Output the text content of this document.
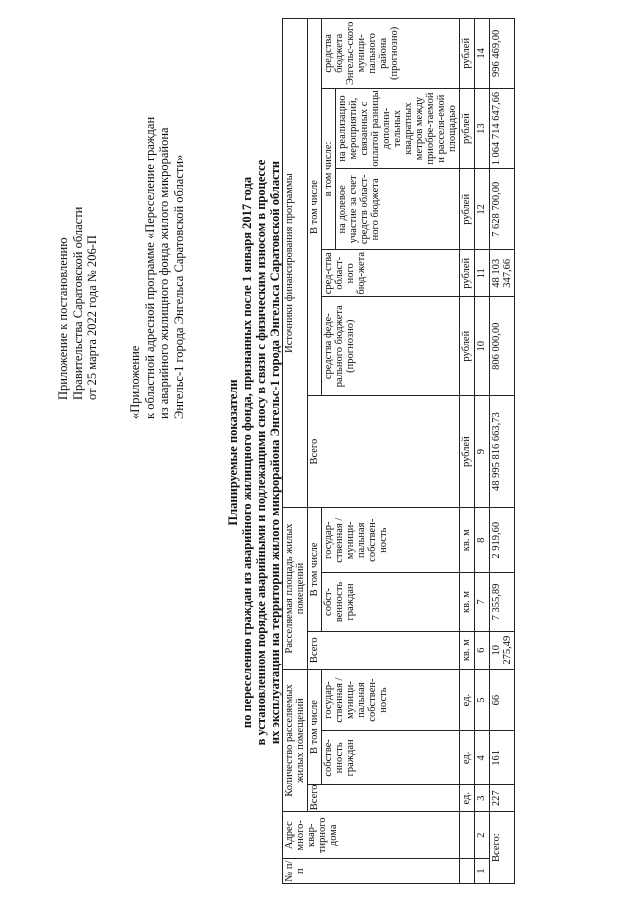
Приложение к постановлению Правительства Саратовской области от 25 марта 2022 года № 206-П «Приложение к областной адресной программе «Переселение граждан из аварийного жилищного фонда жилого микрорайона Энгельс-1 города Энгельса Саратовской области»
Планируемые показатели по переселению граждан из аварийного жилищного фонда, признанных после 1 января 2017 года в установленном порядке аварийными и подлежащими сносу в связи с физическим износом в процессе их эксплуатации на территории жилого микрорайона Энгельс-1 города Энгельса Саратовской области
№ п/п	Адрес много-квар-тирного дома	Количество расселяемых жилых помещений			Расселяемая площадь жилых помещений			Источники финансирования программы					
		Всего	В том числе		Всего	В том числе		Всего	В том числе				
			собстве-нность граждан	государ-ственная / муници-пальная собствен-ность		собст-венность граждан	государ-ственная / муници-пальная собствен-ность		средства феде-рального бюджета (прогнозно)	сред-ства област-ного бюд-жета	в том числе:		средства бюджета Энгельс-ского муници-пального района (прогнозно)
											на долевое участие за счет средств област-ного бюджета	на реализацию мероприятий, связанных с оплатой разницы дополни-тельных квадратных метров между приобре-таемой и расселя-емой площадью	
		ед.	ед.	ед.	кв. м	кв. м	кв. м	рублей	рублей	рублей	рублей	рублей	рублей
1	2	3	4	5	6	7	8	9	10	11	12	13	14
Всего:		227	161	66	10 275,49	7 355,89	2 919,60	48 995 816 663,73	806 000,00	48 103 347,66	7 628 700,00	1 064 714 647,66	996 469,00
